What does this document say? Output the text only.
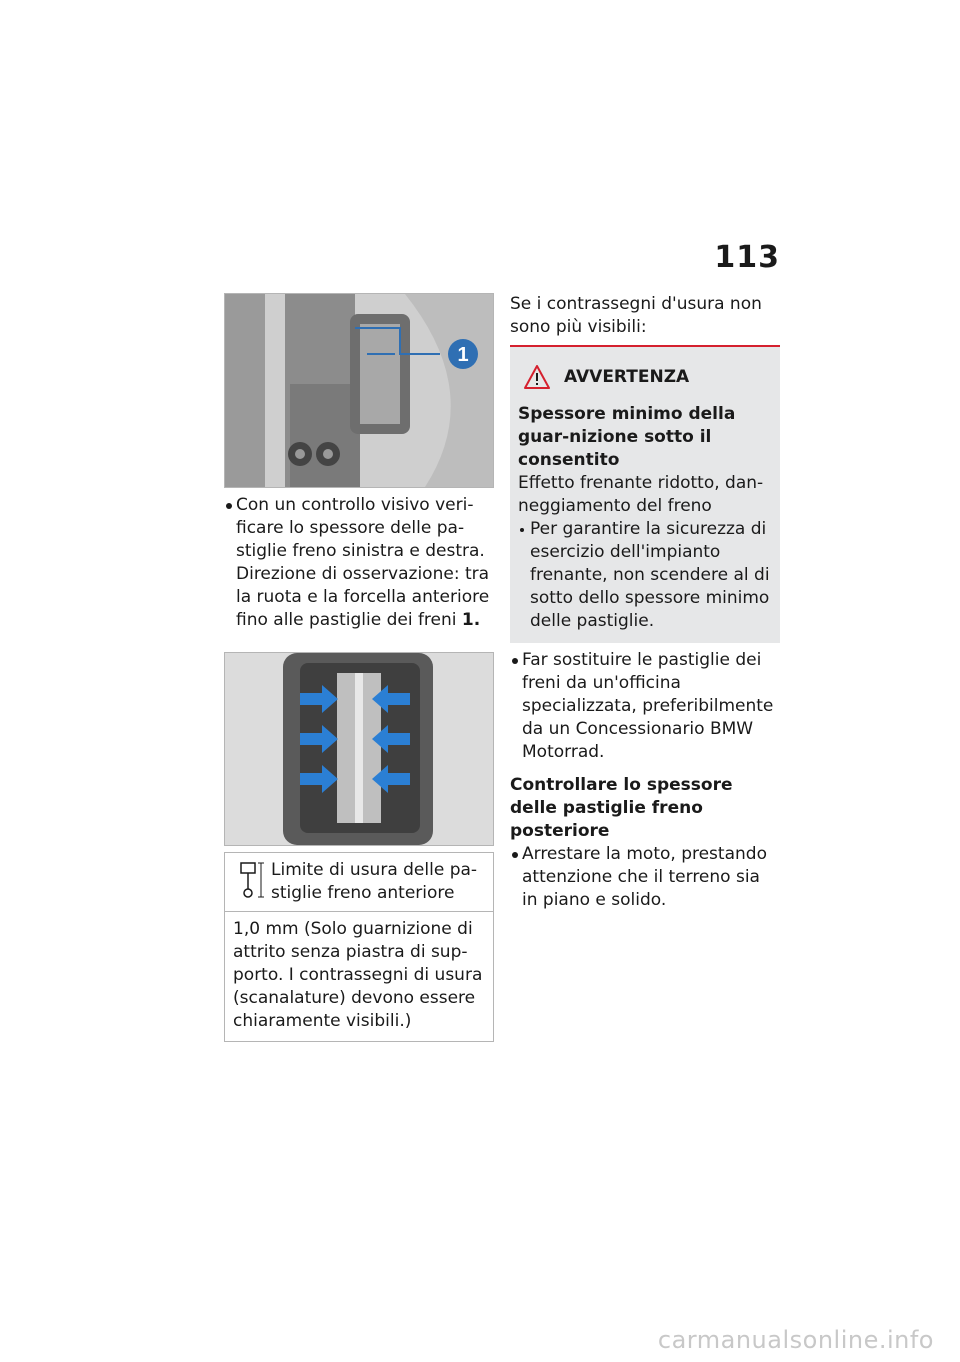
113
1

Con un controllo visivo veri-ficare lo spessore delle pa-stiglie freno sinistra e destra. Direzione di osservazione: tra la ruota e la forcella anteriore fino alle pastiglie dei freni 1.

Limite di usura delle pa-stiglie freno anteriore
1,0 mm (Solo guarnizione di attrito senza piastra di sup-porto. I contrassegni di usura (scanalature) devono essere chiaramente visibili.)
Se i contrassegni d'usura non sono più visibili:
AVVERTENZA
Spessore minimo della guar-nizione sotto il consentito
Effetto frenante ridotto, dan-neggiamento del freno
Per garantire la sicurezza di esercizio dell'impianto frenante, non scendere al di sotto dello spessore minimo delle pastiglie.

Far sostituire le pastiglie dei freni da un'officina specializzata, preferibilmente da un Concessionario BMW Motorrad.

Controllare lo spessore delle pastiglie freno posteriore

Arrestare la moto, prestando attenzione che il terreno sia in piano e solido.

carmanualsonline.info
